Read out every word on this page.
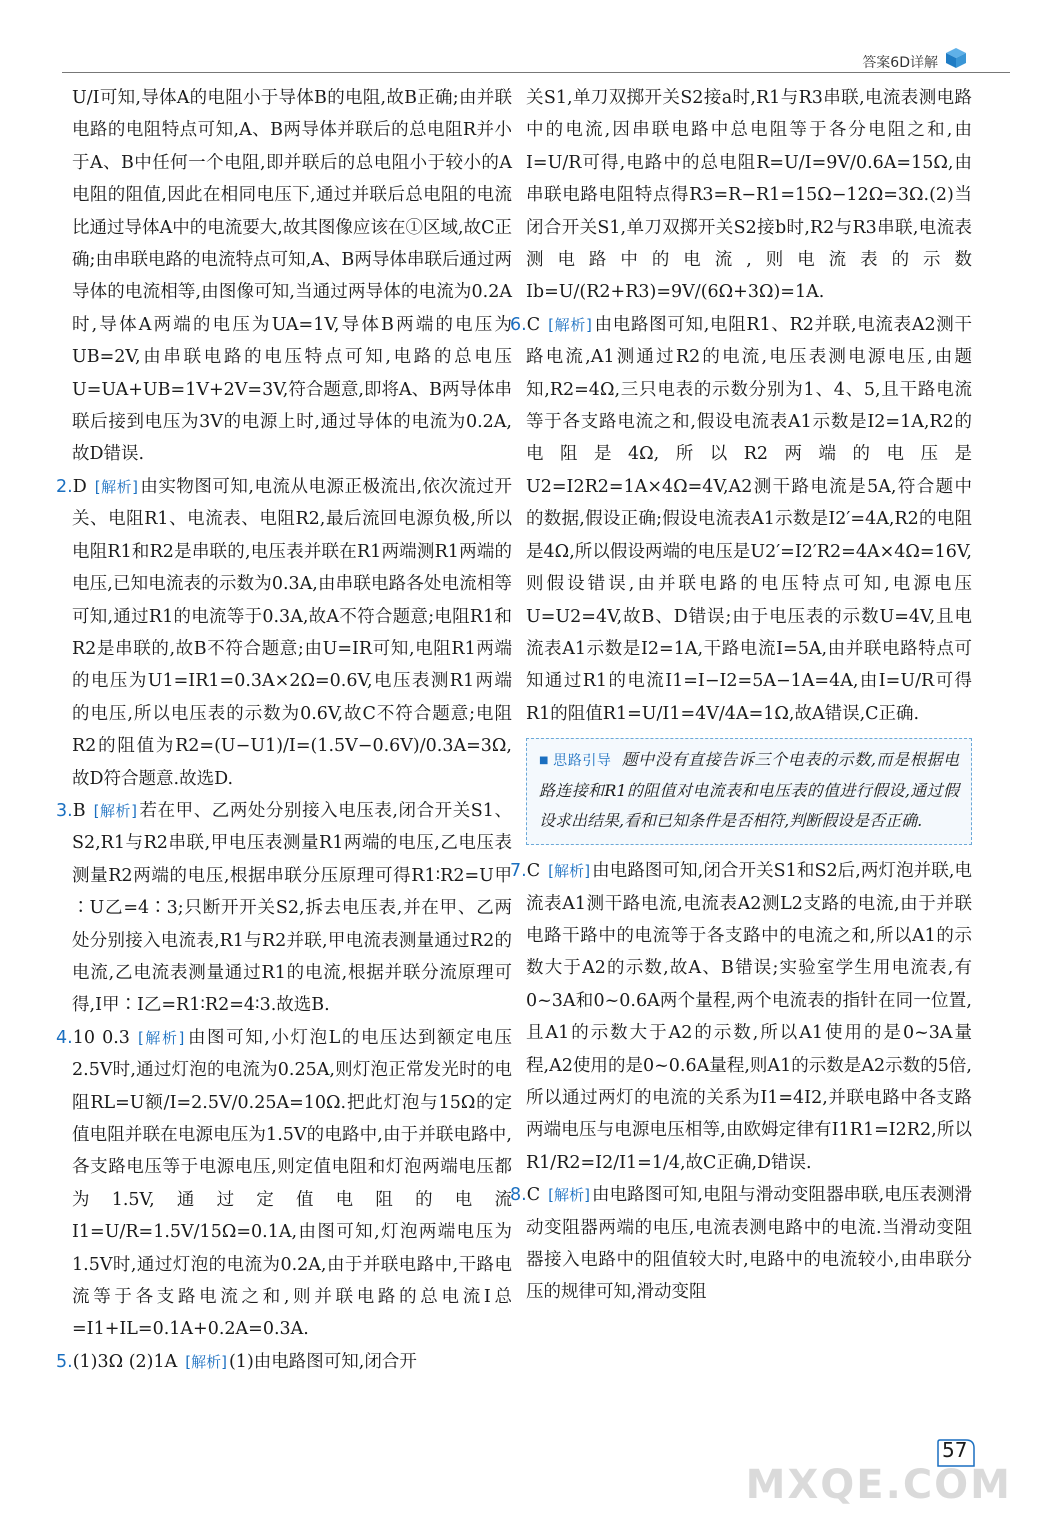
答案6D详解

U/I可知,导体A的电阻小于导体B的电阻,故B正确;由并联电路的电阻特点可知,A、B两导体并联后的总电阻R并小于A、B中任何一个电阻,即并联后的总电阻小于较小的A电阻的阻值,因此在相同电压下,通过并联后总电阻的电流比通过导体A中的电流要大,故其图像应该在①区域,故C正确;由串联电路的电流特点可知,A、B两导体串联后通过两导体的电流相等,由图像可知,当通过两导体的电流为0.2A时,导体A两端的电压为UA=1V,导体B两端的电压为UB=2V,由串联电路的电压特点可知,电路的总电压U=UA+UB=1V+2V=3V,符合题意,即将A、B两导体串联后接到电压为3V的电源上时,通过导体的电流为0.2A,故D错误.

2.D [解析] 由实物图可知,电流从电源正极流出,依次流过开关、电阻R1、电流表、电阻R2,最后流回电源负极,所以电阻R1和R2是串联的,电压表并联在R1两端测R1两端的电压,已知电流表的示数为0.3A,由串联电路各处电流相等可知,通过R1的电流等于0.3A,故A不符合题意;电阻R1和R2是串联的,故B不符合题意;由U=IR可知,电阻R1两端的电压为U1=IR1=0.3A×2Ω=0.6V,电压表测R1两端的电压,所以电压表的示数为0.6V,故C不符合题意;电阻R2的阻值为R2=(U−U1)/I=(1.5V−0.6V)/0.3A=3Ω,故D符合题意.故选D.

3.B [解析] 若在甲、乙两处分别接入电压表,闭合开关S1、S2,R1与R2串联,甲电压表测量R1两端的电压,乙电压表测量R2两端的电压,根据串联分压原理可得R1∶R2=U甲∶U乙=4∶3;只断开开关S2,拆去电压表,并在甲、乙两处分别接入电流表,R1与R2并联,甲电流表测量通过R2的电流,乙电流表测量通过R1的电流,根据并联分流原理可得,I甲∶I乙=R1∶R2=4∶3.故选B.

4.10 0.3 [解析] 由图可知,小灯泡L的电压达到额定电压2.5V时,通过灯泡的电流为0.25A,则灯泡正常发光时的电阻RL=U额/I=2.5V/0.25A=10Ω.把此灯泡与15Ω的定值电阻并联在电源电压为1.5V的电路中,由于并联电路中,各支路电压等于电源电压,则定值电阻和灯泡两端电压都为1.5V,通过定值电阻的电流I1=U/R=1.5V/15Ω=0.1A,由图可知,灯泡两端电压为1.5V时,通过灯泡的电流为0.2A,由于并联电路中,干路电流等于各支路电流之和,则并联电路的总电流I总=I1+IL=0.1A+0.2A=0.3A.

5.(1)3Ω (2)1A [解析] (1)由电路图可知,闭合开

关S1,单刀双掷开关S2接a时,R1与R3串联,电流表测电路中的电流,因串联电路中总电阻等于各分电阻之和,由I=U/R可得,电路中的总电阻R=U/I=9V/0.6A=15Ω,由串联电路电阻特点得R3=R−R1=15Ω−12Ω=3Ω.(2)当闭合开关S1,单刀双掷开关S2接b时,R2与R3串联,电流表测电路中的电流,则电流表的示数Ib=U/(R2+R3)=9V/(6Ω+3Ω)=1A.

6.C [解析] 由电路图可知,电阻R1、R2并联,电流表A2测干路电流,A1测通过R2的电流,电压表测电源电压,由题知,R2=4Ω,三只电表的示数分别为1、4、5,且干路电流等于各支路电流之和,假设电流表A1示数是I2=1A,R2的电阻是4Ω,所以R2两端的电压是U2=I2R2=1A×4Ω=4V,A2测干路电流是5A,符合题中的数据,假设正确;假设电流表A1示数是I2′=4A,R2的电阻是4Ω,所以假设两端的电压是U2′=I2′R2=4A×4Ω=16V,则假设错误,由并联电路的电压特点可知,电源电压U=U2=4V,故B、D错误;由于电压表的示数U=4V,且电流表A1示数是I2=1A,干路电流I=5A,由并联电路特点可知通过R1的电流I1=I−I2=5A−1A=4A,由I=U/R可得R1的阻值R1=U/I1=4V/4A=1Ω,故A错误,C正确.

■ 思路引导 题中没有直接告诉三个电表的示数,而是根据电路连接和R1的阻值对电流表和电压表的值进行假设,通过假设求出结果,看和已知条件是否相符,判断假设是否正确.

7.C [解析] 由电路图可知,闭合开关S1和S2后,两灯泡并联,电流表A1测干路电流,电流表A2测L2支路的电流,由于并联电路干路中的电流等于各支路中的电流之和,所以A1的示数大于A2的示数,故A、B错误;实验室学生用电流表,有0~3A和0~0.6A两个量程,两个电流表的指针在同一位置,且A1的示数大于A2的示数,所以A1使用的是0~3A量程,A2使用的是0~0.6A量程,则A1的示数是A2示数的5倍,所以通过两灯的电流的关系为I1=4I2,并联电路中各支路两端电压与电源电压相等,由欧姆定律有I1R1=I2R2,所以R1/R2=I2/I1=1/4,故C正确,D错误.

8.C [解析] 由电路图可知,电阻与滑动变阻器串联,电压表测滑动变阻器两端的电压,电流表测电路中的电流.当滑动变阻器接入电路中的阻值较大时,电路中的电流较小,由串联分压的规律可知,滑动变阻

57
MXQE.COM
